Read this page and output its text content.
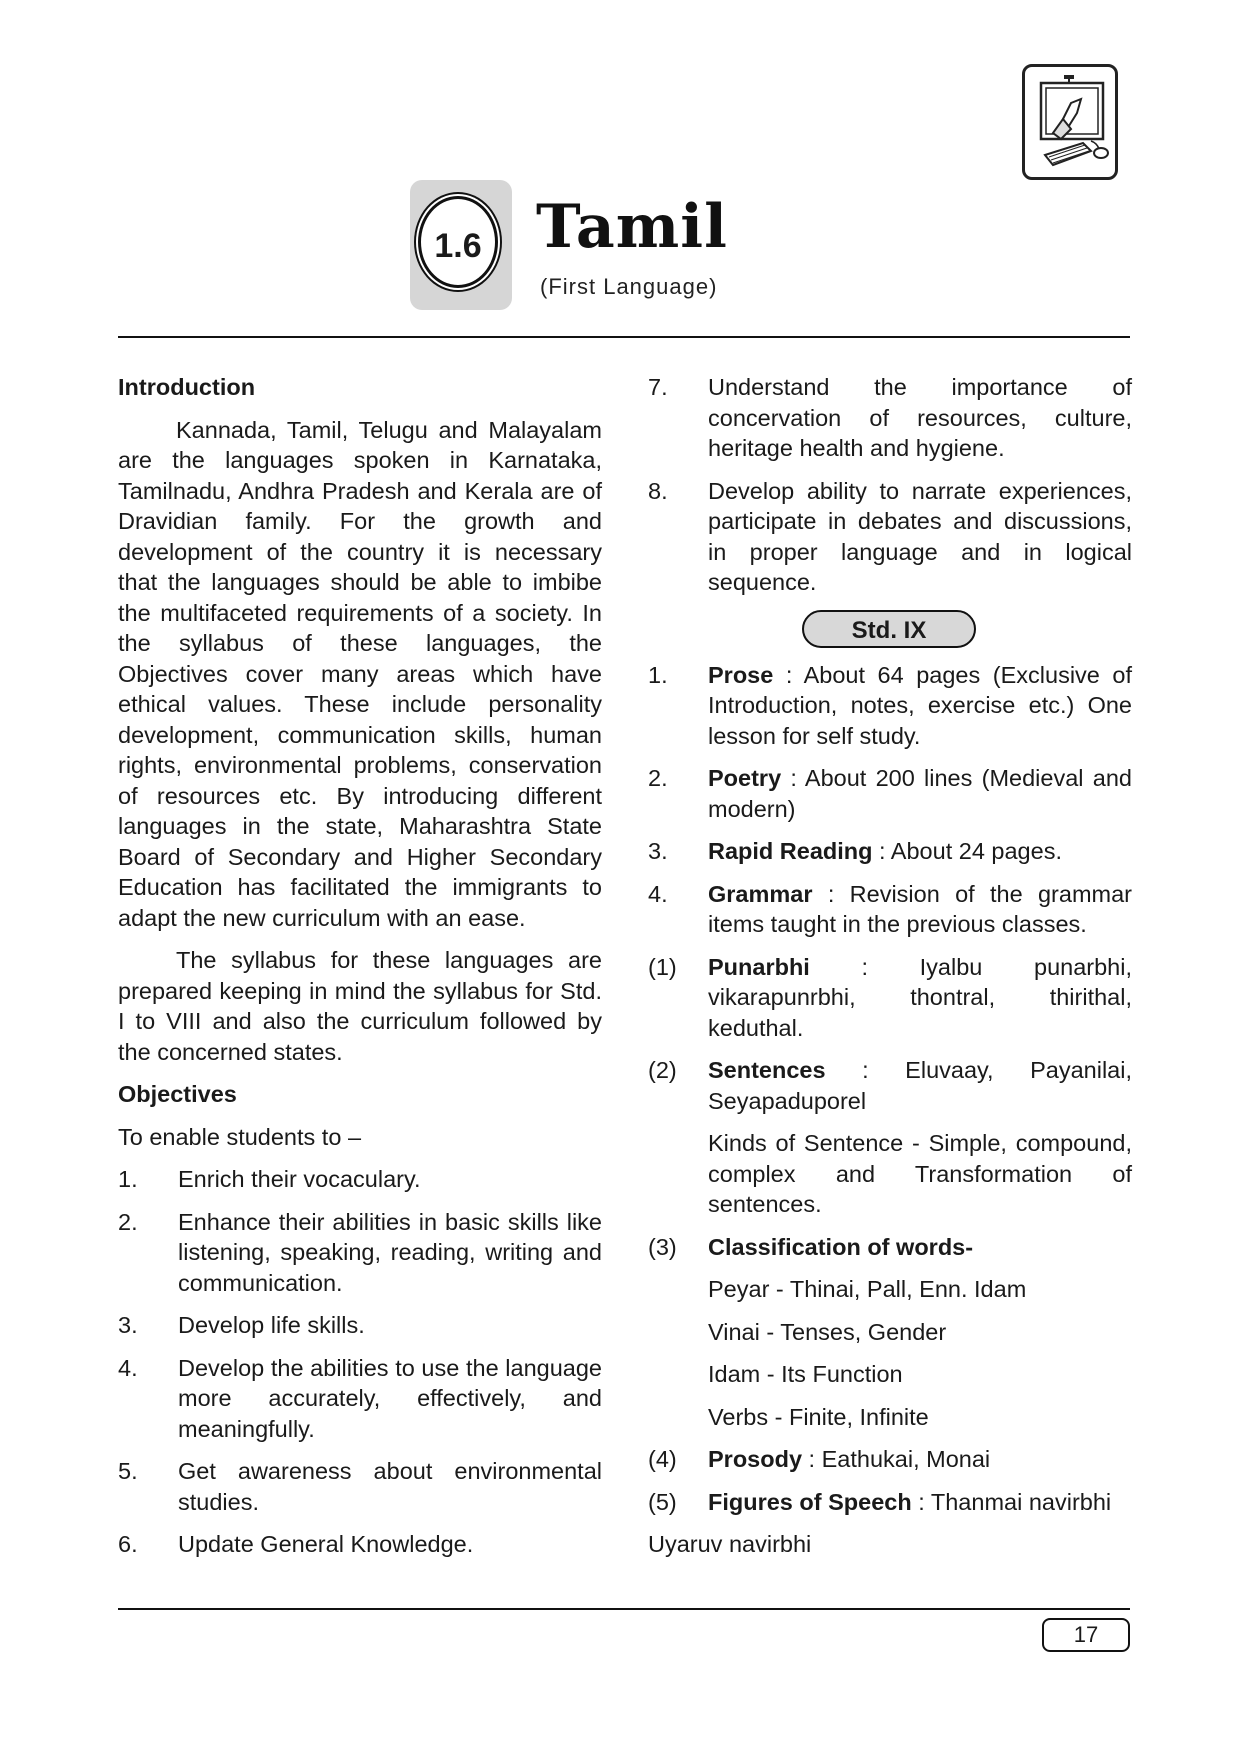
1.6 Tamil
(First Language)
Introduction
Kannada, Tamil, Telugu and Malayalam are the languages spoken in Karnataka, Tamilnadu, Andhra Pradesh and Kerala are of Dravidian family. For the growth and development of the country it is necessary that the languages should be able to imbibe the multifaceted requirements of a society. In the syllabus of these languages, the Objectives cover many areas which have ethical values. These include personality development, communication skills, human rights, environmental problems, conservation of resources etc. By introducing different languages in the state, Maharashtra State Board of Secondary and Higher Secondary Education has facilitated the immigrants to adapt the new curriculum with an ease.
The syllabus for these languages are prepared keeping in mind the syllabus for Std. I to VIII and also the curriculum followed by the concerned states.
Objectives
To enable students to –
1. Enrich their vocaculary.
2. Enhance their abilities in basic skills like listening, speaking, reading, writing and communication.
3. Develop life skills.
4. Develop the abilities to use the language more accurately, effectively, and meaningfully.
5. Get awareness about environmental studies.
6. Update General Knowledge.
7. Understand the importance of concervation of resources, culture, heritage health and hygiene.
8. Develop ability to narrate experiences, participate in debates and discussions, in proper language and in logical sequence.
Std. IX
1. Prose : About 64 pages (Exclusive of Introduction, notes, exercise etc.) One lesson for self study.
2. Poetry : About 200 lines (Medieval and modern)
3. Rapid Reading : About 24 pages.
4. Grammar : Revision of the grammar items taught in the previous classes.
(1) Punarbhi : Iyalbu punarbhi, vikarapunrbhi, thontral, thirithal, keduthal.
(2) Sentences : Eluvaay, Payanilai, Seyapaduporel
Kinds of Sentence - Simple, compound, complex and Transformation of sentences.
(3) Classification of words-
Peyar - Thinai, Pall, Enn. Idam
Vinai - Tenses, Gender
Idam - Its Function
Verbs - Finite, Infinite
(4) Prosody : Eathukai, Monai
(5) Figures of Speech : Thanmai navirbhi
Uyaruv navirbhi
17
